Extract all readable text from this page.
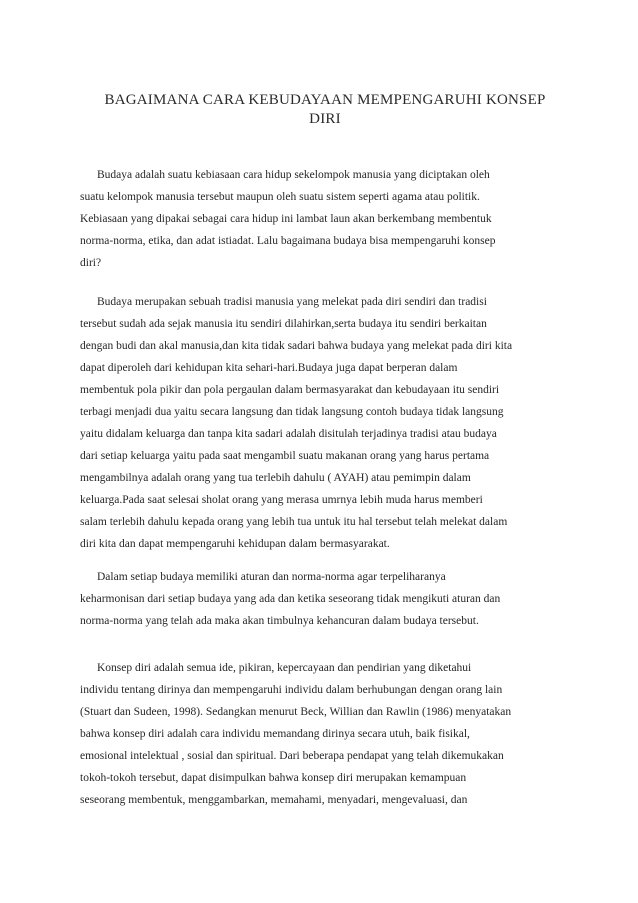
BAGAIMANA CARA KEBUDAYAAN MEMPENGARUHI KONSEP
DIRI
Budaya adalah suatu kebiasaan cara hidup sekelompok manusia yang diciptakan oleh
suatu kelompok manusia tersebut maupun oleh suatu sistem seperti agama atau politik.
Kebiasaan yang dipakai sebagai cara hidup ini lambat laun akan berkembang membentuk
norma-norma, etika, dan adat istiadat. Lalu bagaimana budaya bisa mempengaruhi konsep
diri?
Budaya merupakan sebuah tradisi manusia yang melekat pada diri sendiri dan tradisi
tersebut sudah ada sejak manusia itu sendiri dilahirkan,serta budaya itu sendiri berkaitan
dengan budi dan akal manusia,dan kita tidak sadari bahwa budaya yang melekat pada diri kita
dapat diperoleh dari kehidupan kita sehari-hari.Budaya juga dapat berperan dalam
membentuk pola pikir dan pola pergaulan dalam bermasyarakat dan kebudayaan itu sendiri
terbagi menjadi dua yaitu secara langsung dan tidak langsung contoh budaya tidak langsung
yaitu didalam keluarga dan tanpa kita sadari adalah disitulah terjadinya tradisi atau budaya
dari setiap keluarga yaitu pada saat mengambil suatu makanan orang yang harus pertama
mengambilnya adalah orang yang tua terlebih dahulu ( AYAH) atau pemimpin dalam
keluarga.Pada saat selesai sholat orang yang merasa umrnya lebih muda harus memberi
salam terlebih dahulu kepada orang yang lebih tua untuk itu hal tersebut telah melekat dalam
diri kita dan dapat mempengaruhi kehidupan dalam bermasyarakat.
Dalam setiap budaya memiliki aturan dan norma-norma agar terpeliharanya
keharmonisan dari setiap budaya yang ada dan ketika seseorang tidak mengikuti aturan dan
norma-norma yang telah ada maka akan timbulnya kehancuran dalam budaya tersebut.
Konsep diri adalah semua ide, pikiran, kepercayaan dan pendirian yang diketahui
individu tentang dirinya dan mempengaruhi individu dalam berhubungan dengan orang lain
(Stuart dan Sudeen, 1998). Sedangkan menurut Beck, Willian dan Rawlin (1986) menyatakan
bahwa konsep diri adalah cara individu memandang dirinya secara utuh, baik fisikal,
emosional intelektual , sosial dan spiritual. Dari beberapa pendapat yang telah dikemukakan
tokoh-tokoh tersebut, dapat disimpulkan bahwa konsep diri merupakan kemampuan
seseorang membentuk, menggambarkan, memahami, menyadari, mengevaluasi, dan
